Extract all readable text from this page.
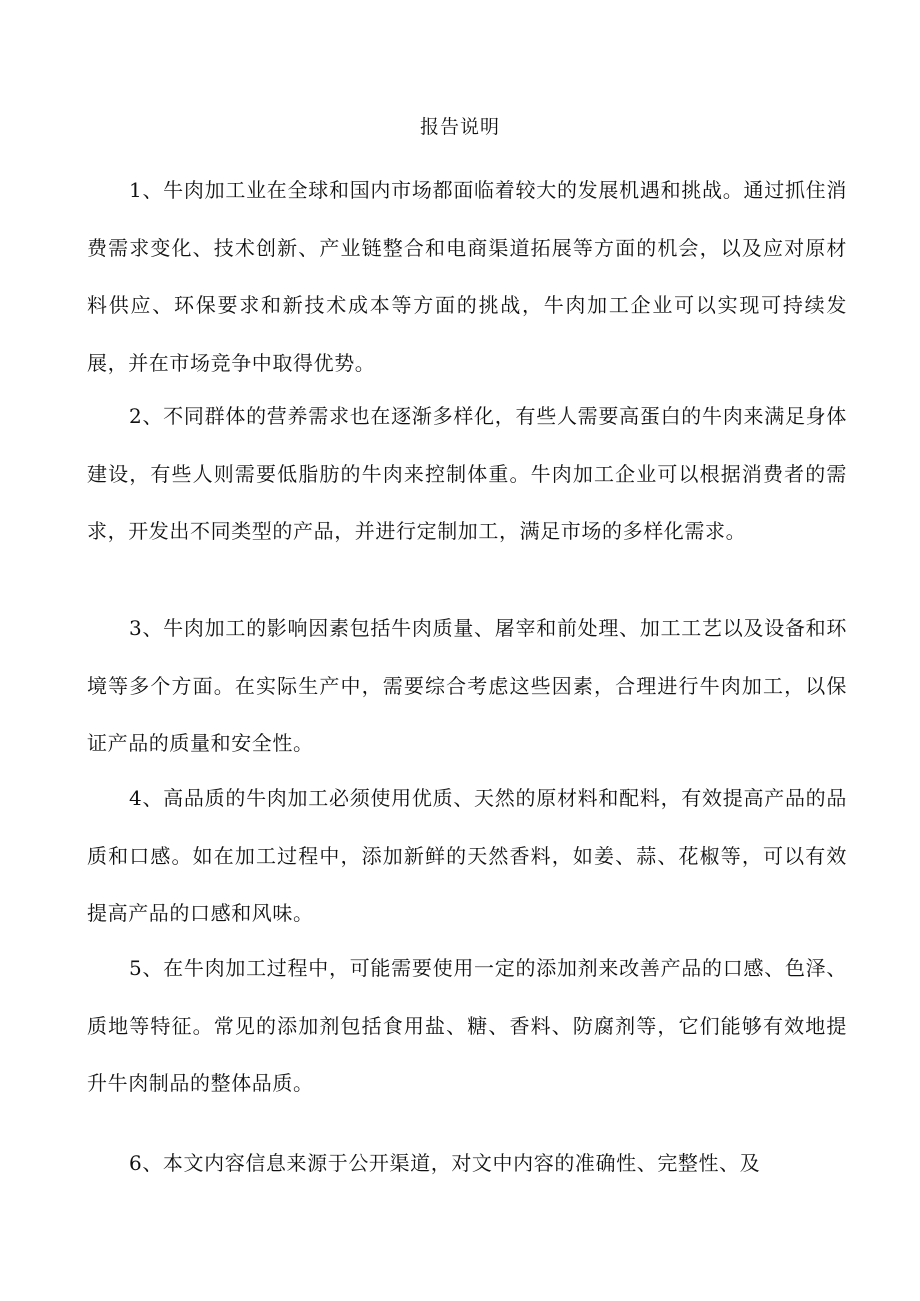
报告说明

1、牛肉加工业在全球和国内市场都面临着较大的发展机遇和挑战。通过抓住消费需求变化、技术创新、产业链整合和电商渠道拓展等方面的机会，以及应对原材料供应、环保要求和新技术成本等方面的挑战，牛肉加工企业可以实现可持续发展，并在市场竞争中取得优势。

2、不同群体的营养需求也在逐渐多样化，有些人需要高蛋白的牛肉来满足身体建设，有些人则需要低脂肪的牛肉来控制体重。牛肉加工企业可以根据消费者的需求，开发出不同类型的产品，并进行定制加工，满足市场的多样化需求。

3、牛肉加工的影响因素包括牛肉质量、屠宰和前处理、加工工艺以及设备和环境等多个方面。在实际生产中，需要综合考虑这些因素，合理进行牛肉加工，以保证产品的质量和安全性。

4、高品质的牛肉加工必须使用优质、天然的原材料和配料，有效提高产品的品质和口感。如在加工过程中，添加新鲜的天然香料，如姜、蒜、花椒等，可以有效提高产品的口感和风味。

5、在牛肉加工过程中，可能需要使用一定的添加剂来改善产品的口感、色泽、质地等特征。常见的添加剂包括食用盐、糖、香料、防腐剂等，它们能够有效地提升牛肉制品的整体品质。

6、本文内容信息来源于公开渠道，对文中内容的准确性、完整性、及
